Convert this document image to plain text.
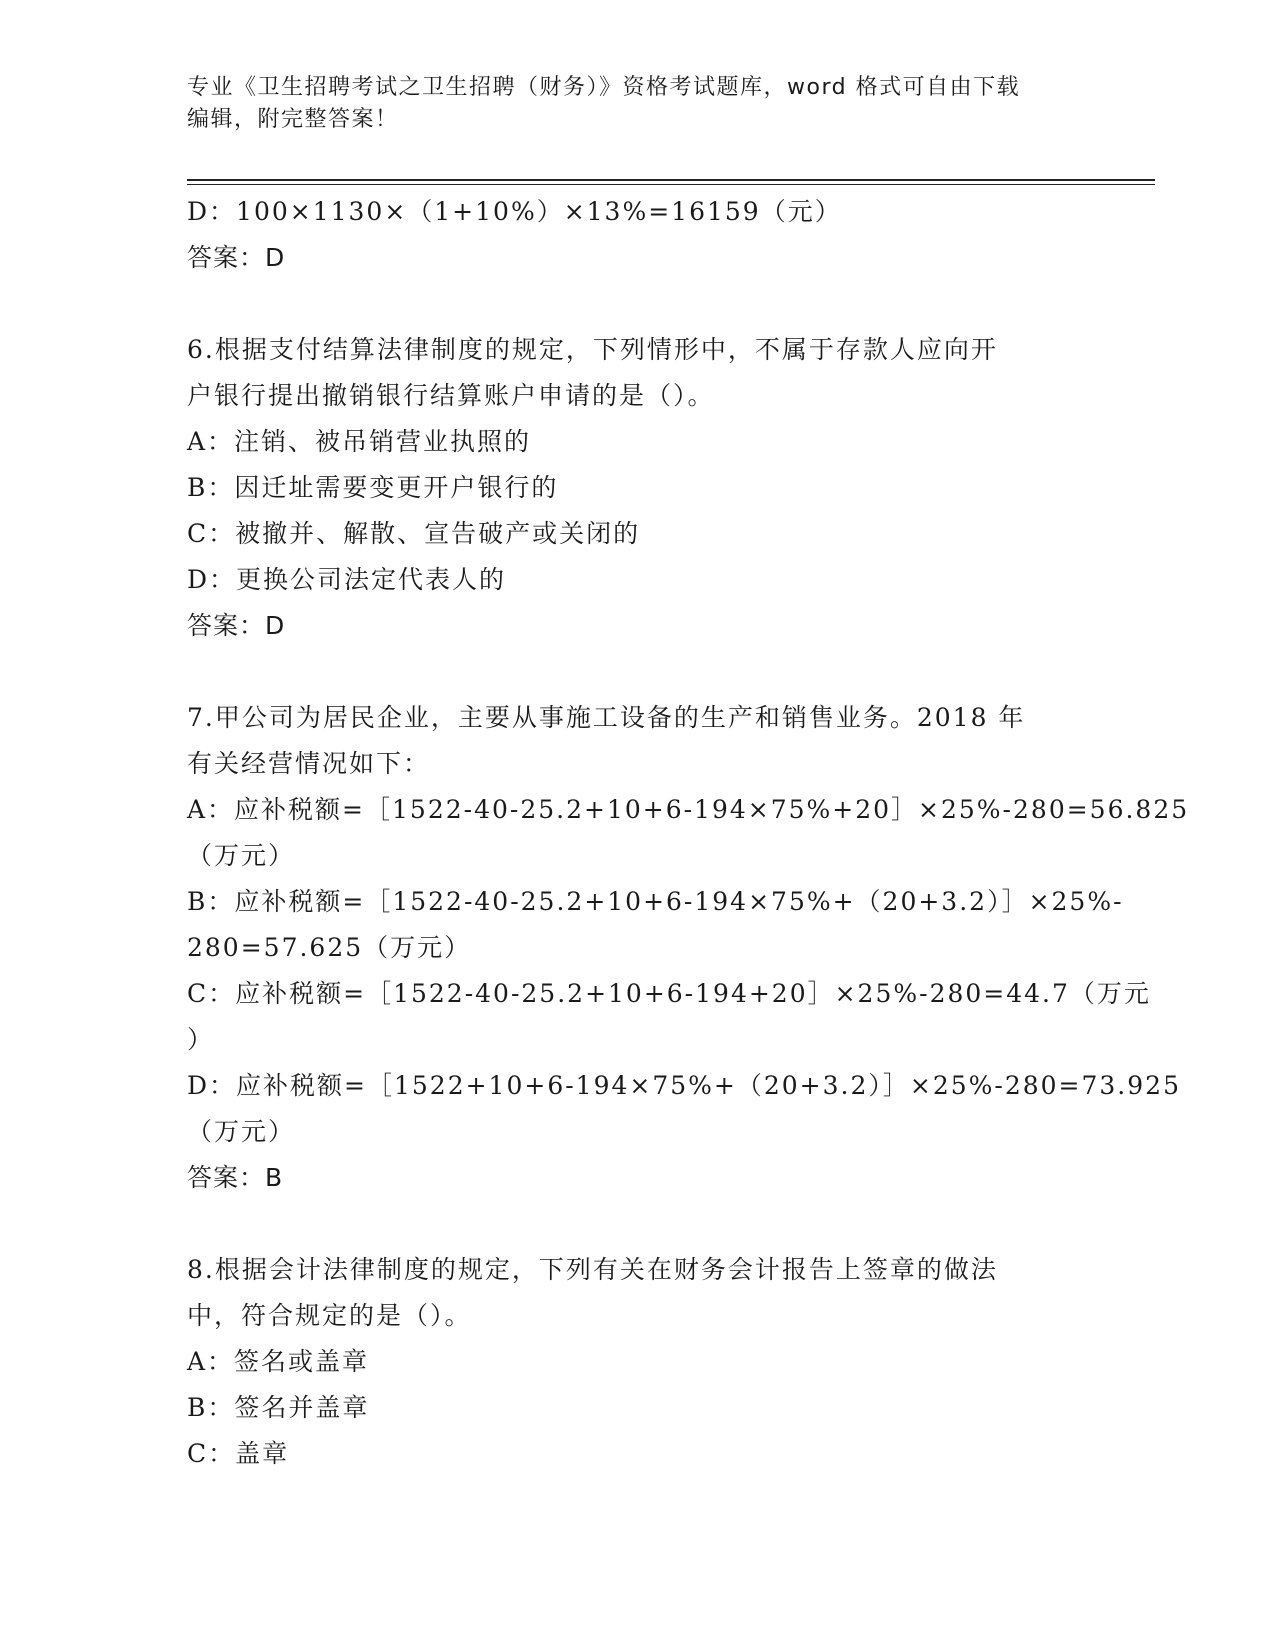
专业《卫生招聘考试之卫生招聘（财务）》资格考试题库，word 格式可自由下载
编辑，附完整答案！
D：100×1130×（1+10%）×13%=16159（元）
答案：D
6.根据支付结算法律制度的规定，下列情形中，不属于存款人应向开
户银行提出撤销银行结算账户申请的是（）。
A：注销、被吊销营业执照的
B：因迁址需要变更开户银行的
C：被撤并、解散、宣告破产或关闭的
D：更换公司法定代表人的
答案：D
7.甲公司为居民企业，主要从事施工设备的生产和销售业务。2018 年
有关经营情况如下：
A：应补税额=［1522-40-25.2+10+6-194×75%+20］×25%-280=56.825
（万元）
B：应补税额=［1522-40-25.2+10+6-194×75%+（20+3.2）］×25%-
280=57.625（万元）
C：应补税额=［1522-40-25.2+10+6-194+20］×25%-280=44.7（万元
）
D：应补税额=［1522+10+6-194×75%+（20+3.2）］×25%-280=73.925
（万元）
答案：B
8.根据会计法律制度的规定，下列有关在财务会计报告上签章的做法
中，符合规定的是（）。
A：签名或盖章
B：签名并盖章
C：盖章
